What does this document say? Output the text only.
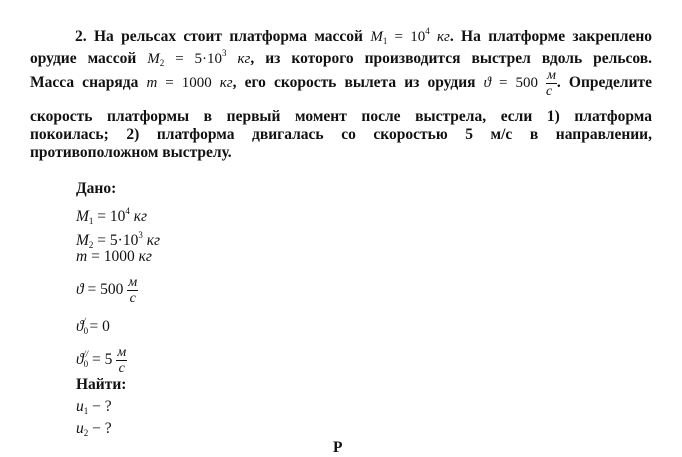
2. На рельсах стоит платформа массой $M_1 = 10^4$ кг. На платформе закреплено
орудие массой $M_2 = 5\cdot 10^3$ кг, из которого производится выстрел вдоль рельсов.
Масса снаряда m = 1000 кг, его скорость вылета из орудия $ϑ = 500 \frac{м}{с}$ . Определите
скорость платформы в первый момент после выстрела, если 1) платформа
покоилась; 2) платформа двигалась со скоростью 5 м/с в направлении,
противоположном выстрелу.
Дано:
$M_1 = 10^4$ кг
$M_2 = 5\cdot 10^3$ кг
m = 1000 кг
$ϑ = 500 \frac{м}{с}$
$ϑ_0^/ = 0$
$ϑ_0^{//} = 5 \frac{м}{с}$
Найти:
$u_1$ − ?
$u_2$ − ?
Р
